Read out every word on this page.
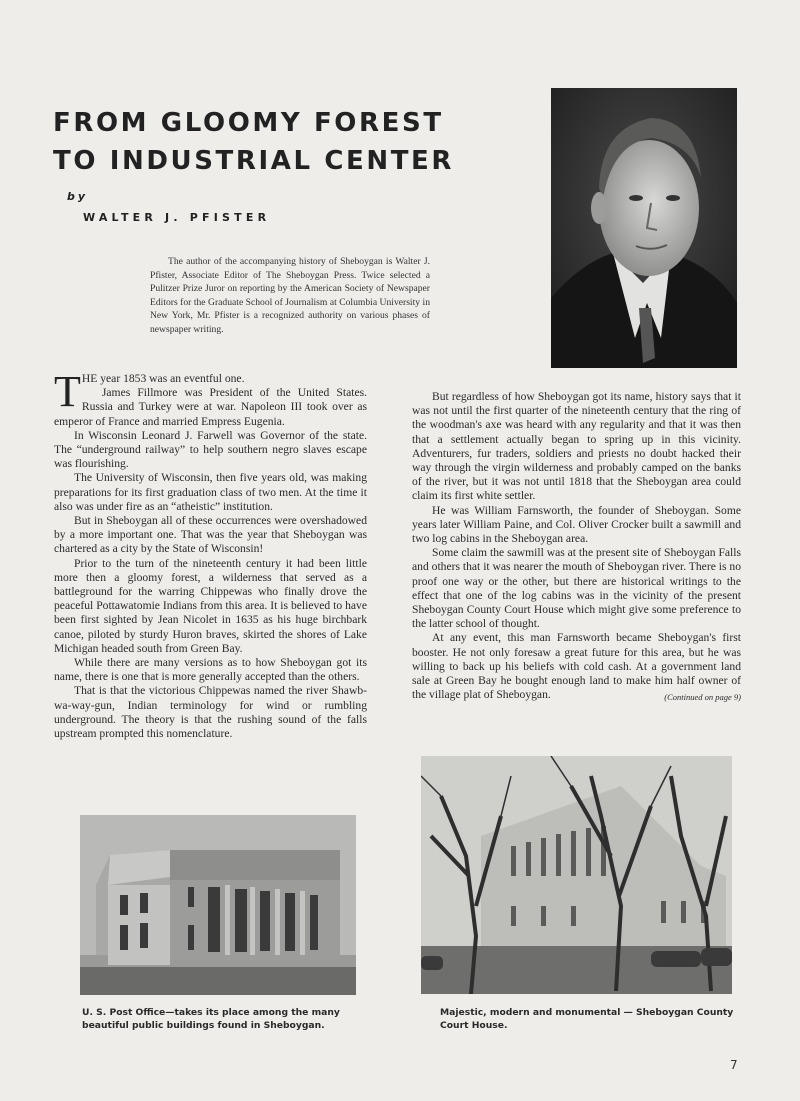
FROM GLOOMY FOREST
TO INDUSTRIAL CENTER
by
WALTER J. PFISTER

The author of the accompanying history of Sheboygan is Walter J. Pfister, Associate Editor of The Sheboygan Press. Twice selected a Pulitzer Prize Juror on reporting by the American Society of Newspaper Editors for the Graduate School of Journalism at Columbia University in New York, Mr. Pfister is a recognized authority on various phases of newspaper writing.

THE year 1853 was an eventful one.

James Fillmore was President of the United States. Russia and Turkey were at war. Napoleon III took over as emperor of France and married Empress Eugenia.

In Wisconsin Leonard J. Farwell was Governor of the state. The “underground railway” to help southern negro slaves escape was flourishing.

The University of Wisconsin, then five years old, was making preparations for its first graduation class of two men. At the time it also was under fire as an “atheistic” institution.

But in Sheboygan all of these occurrences were overshadowed by a more important one. That was the year that Sheboygan was chartered as a city by the State of Wisconsin!

Prior to the turn of the nineteenth century it had been little more then a gloomy forest, a wilderness that served as a battleground for the warring Chippewas who finally drove the peaceful Pottawatomie Indians from this area. It is believed to have been first sighted by Jean Nicolet in 1635 as his huge birchbark canoe, piloted by sturdy Huron braves, skirted the shores of Lake Michigan headed south from Green Bay.

While there are many versions as to how Sheboygan got its name, there is one that is more generally accepted than the others.

That is that the victorious Chippewas named the river Shawb-wa-way-gun, Indian terminology for wind or rumbling underground. The theory is that the rushing sound of the falls upstream prompted this nomenclature.

But regardless of how Sheboygan got its name, history says that it was not until the first quarter of the nineteenth century that the ring of the woodman's axe was heard with any regularity and that it was then that a settlement actually began to spring up in this vicinity. Adventurers, fur traders, soldiers and priests no doubt hacked their way through the virgin wilderness and probably camped on the banks of the river, but it was not until 1818 that the Sheboygan area could claim its first white settler.

He was William Farnsworth, the founder of Sheboygan. Some years later William Paine, and Col. Oliver Crocker built a sawmill and two log cabins in the Sheboygan area.

Some claim the sawmill was at the present site of Sheboygan Falls and others that it was nearer the mouth of Sheboygan river. There is no proof one way or the other, but there are historical writings to the effect that one of the log cabins was in the vicinity of the present Sheboygan County Court House which might give some preference to the latter school of thought.

At any event, this man Farnsworth became Sheboygan's first booster. He not only foresaw a great future for this area, but he was willing to back up his beliefs with cold cash. At a government land sale at Green Bay he bought enough land to make him half owner of the village plat of Sheboygan.	(Continued on page 9)

U. S. Post Office—takes its place among the many beautiful public buildings found in Sheboygan.
Majestic, modern and monumental — Sheboygan County Court House.
7
